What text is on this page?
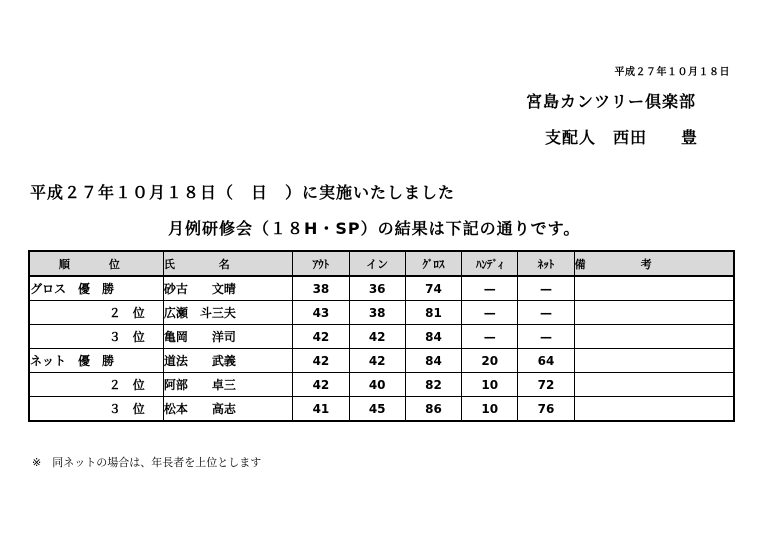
平成２７年１０月１８日
宮島カンツリー倶楽部
支配人　西田　　豊
平成２７年１０月１８日（　日　）に実施いたしました
月例研修会（１８H・SP）の結果は下記の通りです。
順　位	氏　　　　名	ｱｳﾄ	イン	ｸﾞﾛｽ	ﾊﾝﾃﾞｨ	ﾈｯﾄ	備　　　　　考
グロス　優　勝	砂古　　文晴	38	36	74	—	—	
２　位	広瀬　斗三夫	43	38	81	—	—	
３　位	亀岡　　洋司	42	42	84	—	—	
ネット　優　勝	道法　　武義	42	42	84	20	64	
２　位	阿部　　卓三	42	40	82	10	72	
３　位	松本　　高志	41	45	86	10	76	
※　同ネットの場合は、年長者を上位とします
